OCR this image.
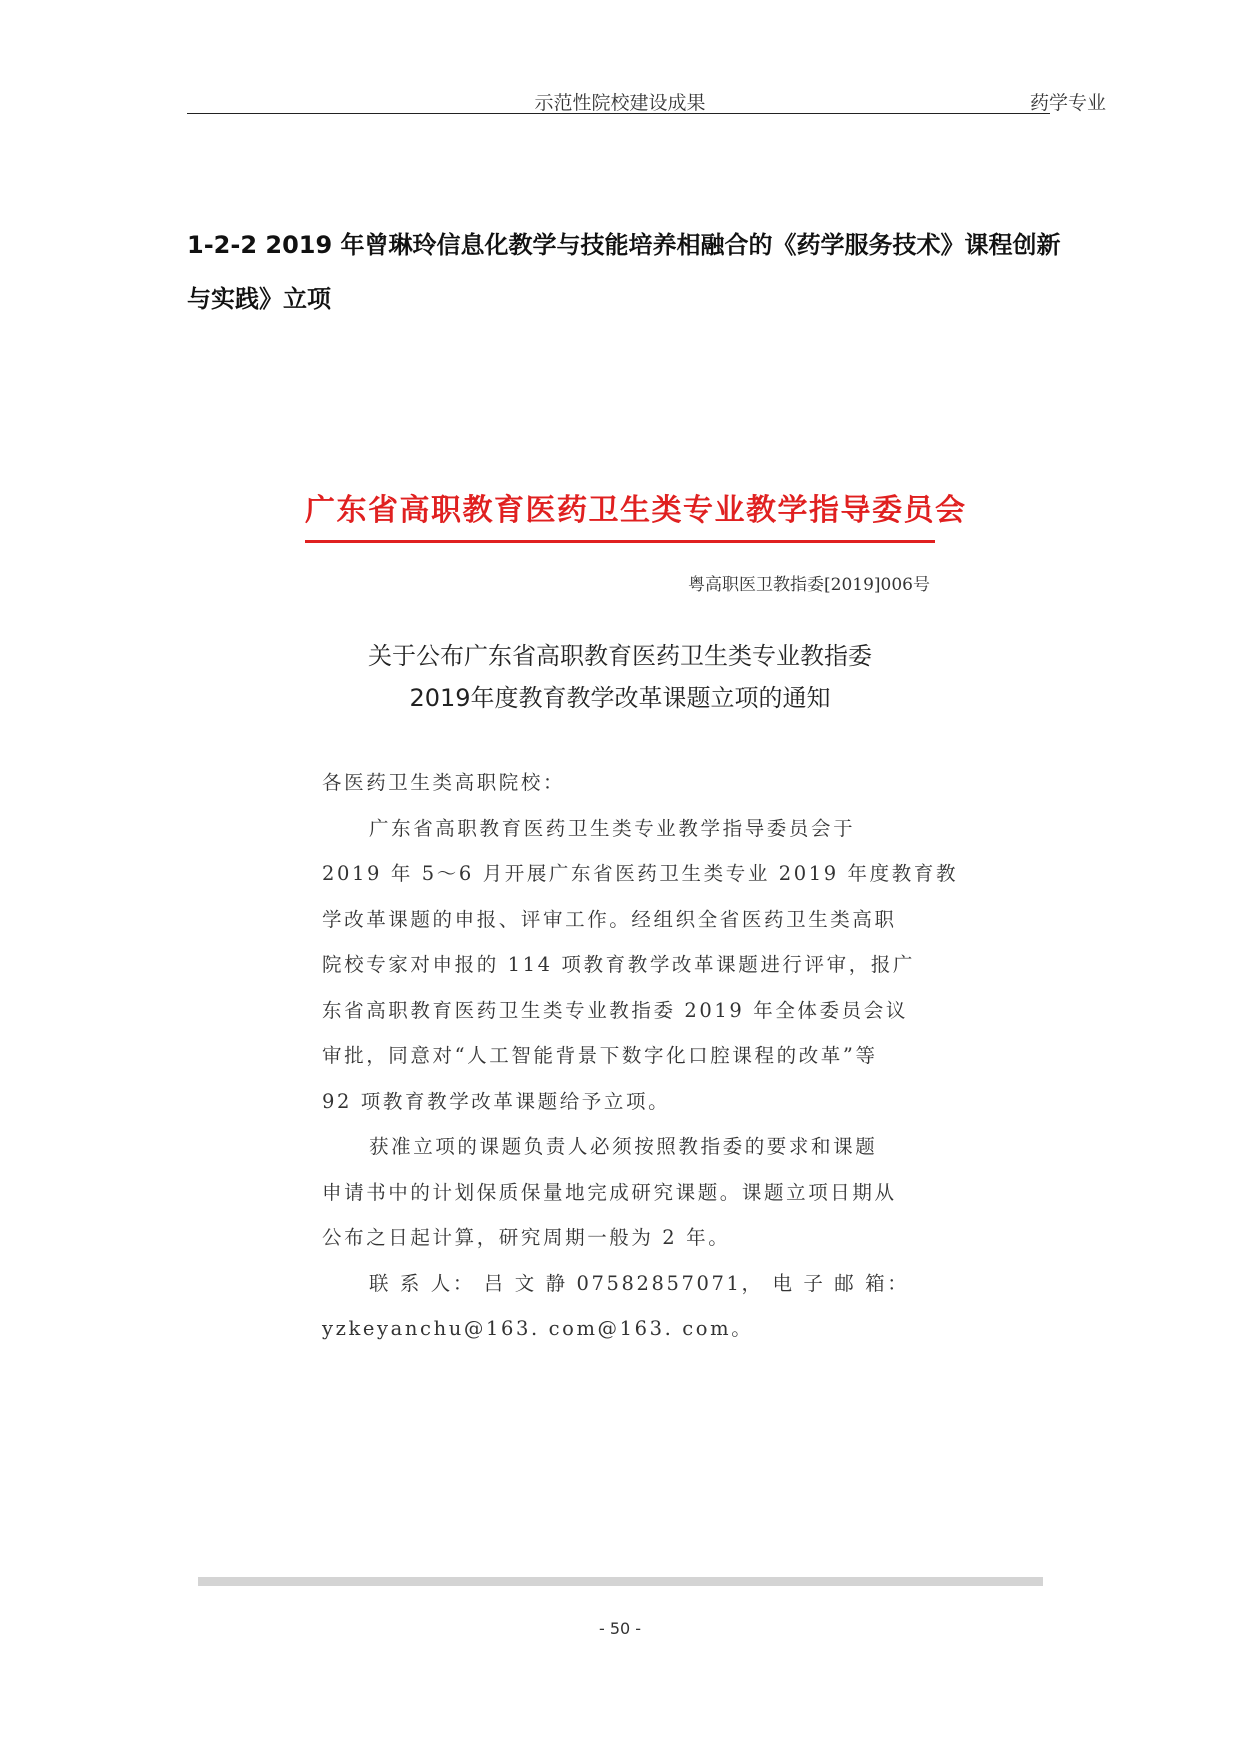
示范性院校建设成果	药学专业
1-2-2 2019 年曾琳玲信息化教学与技能培养相融合的《药学服务技术》课程创新
与实践》立项
广东省高职教育医药卫生类专业教学指导委员会
粤高职医卫教指委[2019]006号
关于公布广东省高职教育医药卫生类专业教指委
2019年度教育教学改革课题立项的通知
各医药卫生类高职院校：
广东省高职教育医药卫生类专业教学指导委员会于
2019 年 5～6 月开展广东省医药卫生类专业 2019 年度教育教
学改革课题的申报、评审工作。经组织全省医药卫生类高职
院校专家对申报的 114 项教育教学改革课题进行评审，报广
东省高职教育医药卫生类专业教指委 2019 年全体委员会议
审批，同意对“人工智能背景下数字化口腔课程的改革”等
92 项教育教学改革课题给予立项。
获准立项的课题负责人必须按照教指委的要求和课题
申请书中的计划保质保量地完成研究课题。课题立项日期从
公布之日起计算，研究周期一般为 2 年。
联 系 人： 吕 文 静 07582857071， 电 子 邮 箱：
yzkeyanchu@163. com@163. com。
- 50 -
